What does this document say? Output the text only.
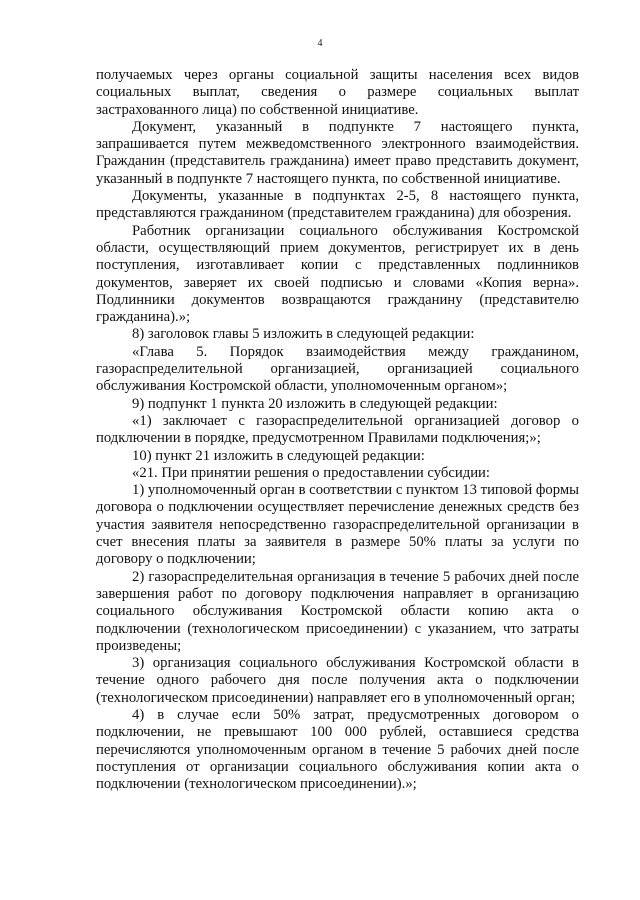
4

получаемых через органы социальной защиты населения всех видов социальных выплат, сведения о размере социальных выплат застрахованного лица) по собственной инициативе.

Документ, указанный в подпункте 7 настоящего пункта, запрашивается путем межведомственного электронного взаимодействия. Гражданин (представитель гражданина) имеет право представить документ, указанный в подпункте 7 настоящего пункта, по собственной инициативе.

Документы, указанные в подпунктах 2-5, 8 настоящего пункта, представляются гражданином (представителем гражданина) для обозрения.

Работник организации социального обслуживания Костромской области, осуществляющий прием документов, регистрирует их в день поступления, изготавливает копии с представленных подлинников документов, заверяет их своей подписью и словами «Копия верна». Подлинники документов возвращаются гражданину (представителю гражданина).»;

8) заголовок главы 5 изложить в следующей редакции:

«Глава 5. Порядок взаимодействия между гражданином, газораспределительной организацией, организацией социального обслуживания Костромской области, уполномоченным органом»;

9) подпункт 1 пункта 20 изложить в следующей редакции:

«1) заключает с газораспределительной организацией договор о подключении в порядке, предусмотренном Правилами подключения;»;

10) пункт 21 изложить в следующей редакции:

«21. При принятии решения о предоставлении субсидии:

1) уполномоченный орган в соответствии с пунктом 13 типовой формы договора о подключении осуществляет перечисление денежных средств без участия заявителя непосредственно газораспределительной организации в счет внесения платы за заявителя в размере 50% платы за услуги по договору о подключении;

2) газораспределительная организация в течение 5 рабочих дней после завершения работ по договору подключения направляет в организацию социального обслуживания Костромской области копию акта о подключении (технологическом присоединении) с указанием, что затраты произведены;

3) организация социального обслуживания Костромской области в течение одного рабочего дня после получения акта о подключении (технологическом присоединении) направляет его в уполномоченный орган;

4) в случае если 50% затрат, предусмотренных договором о подключении, не превышают 100 000 рублей, оставшиеся средства перечисляются уполномоченным органом в течение 5 рабочих дней после поступления от организации социального обслуживания копии акта о подключении (технологическом присоединении).»;
